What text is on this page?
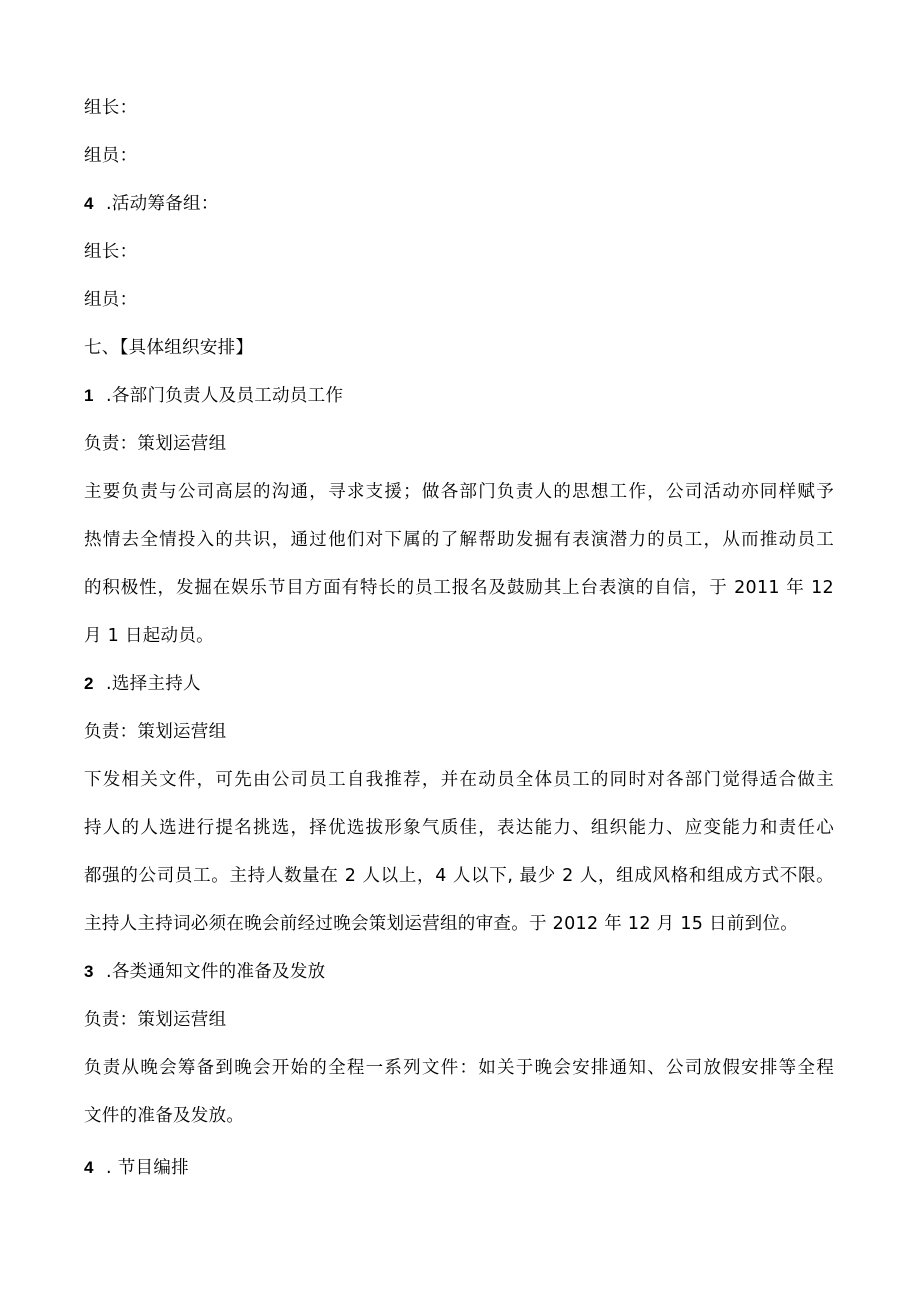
组长：
组员：
4 .活动筹备组：
组长：
组员：
七、【具体组织安排】
1 .各部门负责人及员工动员工作
负责：策划运营组
主要负责与公司高层的沟通，寻求支援；做各部门负责人的思想工作，公司活动亦同样赋予
热情去全情投入的共识，通过他们对下属的了解帮助发掘有表演潜力的员工，从而推动员工
的积极性，发掘在娱乐节目方面有特长的员工报名及鼓励其上台表演的自信，于 2011 年 12
月 1 日起动员。
2 .选择主持人
负责：策划运营组
下发相关文件，可先由公司员工自我推荐，并在动员全体员工的同时对各部门觉得适合做主
持人的人选进行提名挑选，择优选拔形象气质佳，表达能力、组织能力、应变能力和责任心
都强的公司员工。主持人数量在 2 人以上，4 人以下, 最少 2 人，组成风格和组成方式不限。
主持人主持词必须在晚会前经过晚会策划运营组的审查。于 2012 年 12 月 15 日前到位。
3 .各类通知文件的准备及发放
负责：策划运营组
负责从晚会筹备到晚会开始的全程一系列文件：如关于晚会安排通知、公司放假安排等全程
文件的准备及发放。
4 . 节目编排
